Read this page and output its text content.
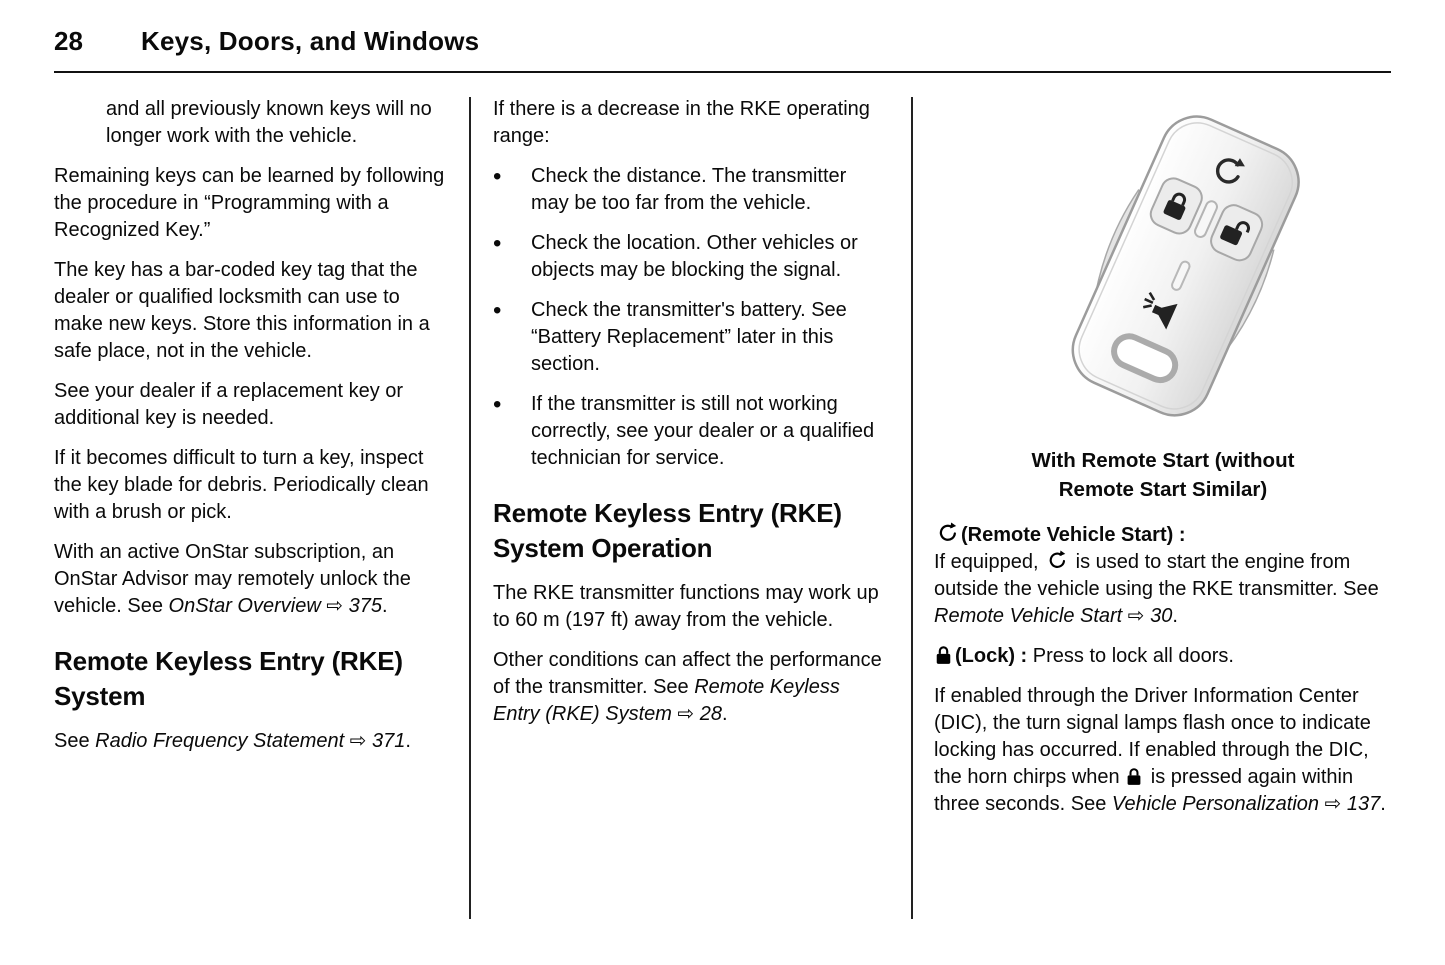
28	Keys, Doors, and Windows

and all previously known keys will no longer work with the vehicle.

Remaining keys can be learned by following the procedure in “Programming with a Recognized Key.”

The key has a bar-coded key tag that the dealer or qualified locksmith can use to make new keys. Store this information in a safe place, not in the vehicle.

See your dealer if a replacement key or additional key is needed.

If it becomes difficult to turn a key, inspect the key blade for debris. Periodically clean with a brush or pick.

With an active OnStar subscription, an OnStar Advisor may remotely unlock the vehicle. See OnStar Overview ⇨ 375.

Remote Keyless Entry (RKE) System

See Radio Frequency Statement ⇨ 371.

If there is a decrease in the RKE operating range:

•	Check the distance. The transmitter may be too far from the vehicle.
•	Check the location. Other vehicles or objects may be blocking the signal.
•	Check the transmitter's battery. See “Battery Replacement” later in this section.
•	If the transmitter is still not working correctly, see your dealer or a qualified technician for service.
Remote Keyless Entry (RKE) System Operation

The RKE transmitter functions may work up to 60 m (197 ft) away from the vehicle.

Other conditions can affect the performance of the transmitter. See Remote Keyless Entry (RKE) System ⇨ 28.

With Remote Start (without
Remote Start Similar)

(Remote Vehicle Start) :
If equipped,  is used to start the engine from outside the vehicle using the RKE transmitter. See Remote Vehicle Start ⇨ 30.

(Lock) : Press to lock all doors.

If enabled through the Driver Information Center (DIC), the turn signal lamps flash once to indicate locking has occurred. If enabled through the DIC, the horn chirps when  is pressed again within three seconds. See Vehicle Personalization ⇨ 137.
